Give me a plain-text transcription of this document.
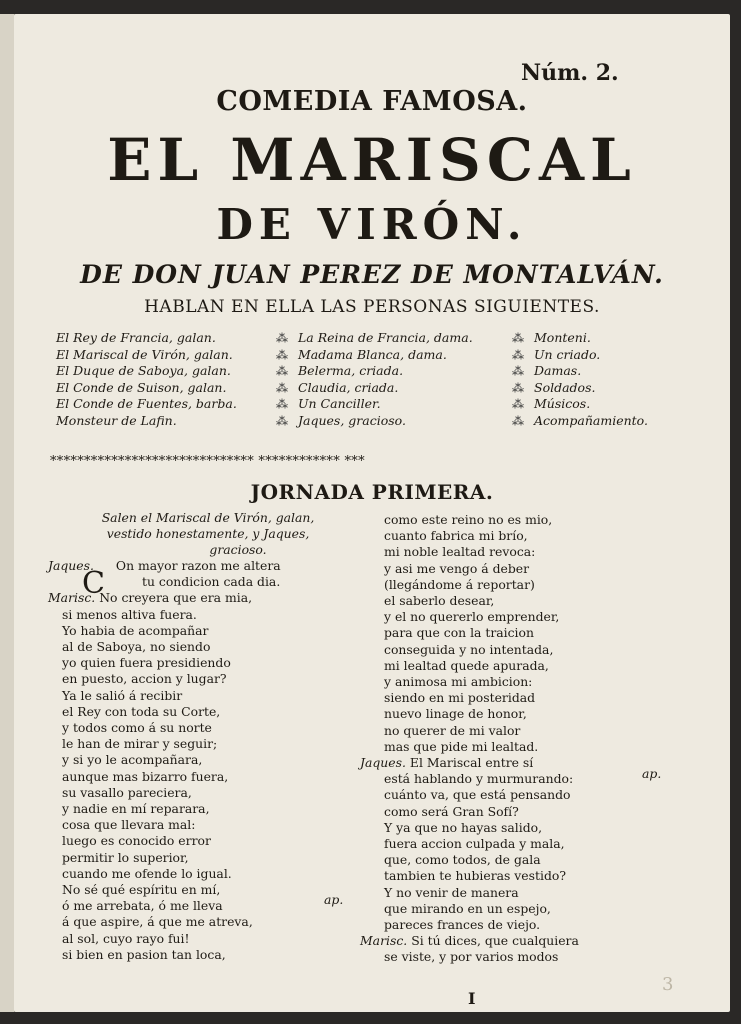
Núm. 2.
COMEDIA FAMOSA.
EL MARISCAL
DE VIRÓN.
DE DON JUAN PEREZ DE MONTALVÁN.
HABLAN EN ELLA LAS PERSONAS SIGUIENTES.
El Rey de Francia, galan.
El Mariscal de Virón, galan.
El Duque de Saboya, galan.
El Conde de Suison, galan.
El Conde de Fuentes, barba.
Monsteur de Lafin.
⁂
⁂
⁂
⁂
⁂
⁂
La Reina de Francia, dama.
Madama Blanca, dama.
Belerma, criada.
Claudia, criada.
Un Canciller.
Jaques, gracioso.
⁂
⁂
⁂
⁂
⁂
⁂
Monteni.
Un criado.
Damas.
Soldados.
Músicos.
Acompañamiento.
****************************** ************ ***
JORNADA PRIMERA.
Salen el Mariscal de Virón, galan,
vestido honestamente, y Jaques,
gracioso.
C
Jaques. On mayor razon me altera
tu condicion cada dia.
Marisc. No creyera que era mia,
si menos altiva fuera.
Yo habia de acompañar
al de Saboya, no siendo
yo quien fuera presidiendo
en puesto, accion y lugar?
Ya le salió á recibir
el Rey con toda su Corte,
y todos como á su norte
le han de mirar y seguir;
y si yo le acompañara,
aunque mas bizarro fuera,
su vasallo pareciera,
y nadie en mí reparara,
cosa que llevara mal:
luego es conocido error
permitir lo superior,
cuando me ofende lo igual.
No sé qué espíritu en mí,
ó me arrebata, ó me lleva
á que aspire, á que me atreva,
al sol, cuyo rayo fui!
si bien en pasion tan loca,
ap.
como este reino no es mio,
cuanto fabrica mi brío,
mi noble lealtad revoca:
y asi me vengo á deber
(llegándome á reportar)
el saberlo desear,
y el no quererlo emprender,
para que con la traicion
conseguida y no intentada,
mi lealtad quede apurada,
y animosa mi ambicion:
siendo en mi posteridad
nuevo linage de honor,
no querer de mi valor
mas que pide mi lealtad.
Jaques. El Mariscal entre sí
está hablando y murmurando:
cuánto va, que está pensando
como será Gran Sofí?
Y ya que no hayas salido,
fuera accion culpada y mala,
que, como todos, de gala
tambien te hubieras vestido?
Y no venir de manera
que mirando en un espejo,
pareces frances de viejo.
Marisc. Si tú dices, que cualquiera
se viste, y por varios modos
ap.
I
3
